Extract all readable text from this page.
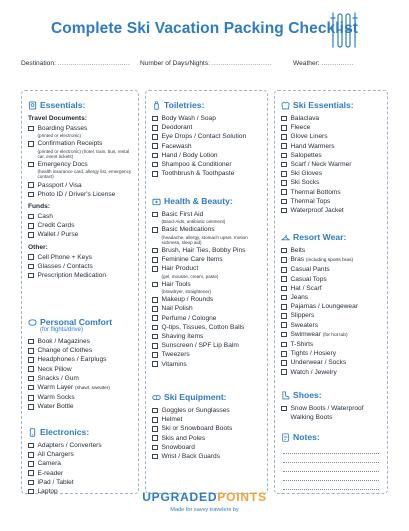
Complete Ski Vacation Packing Checklist
Destination: .................................. Number of Days/Nights: ............................	Weather: ...............
Essentials:
Travel Documents:
Boarding Passes
(printed or electronic)
Confirmation Receipts
(printed or electronic) (hotel, train, bus, rental car, event tickets)
Emergency Docs
(health insurance card, allergy list, emergency contact)
Passport / Visa
Photo ID / Driver's License
Funds:
Cash
Credit Cards
Wallet / Purse
Other:
Cell Phone + Keys
Glasses / Contacts
Prescription Medication
Personal Comfort
(for flights/drive)
Book / Magazines
Change of Clothes
Headphones / Earplugs
Neck Pillow
Snacks / Gum
Warm Layer (shawl, sweater)
Warm Socks
Water Bottle
Electronics:
Adapters / Converters
All Chargers
Camera
E-reader
iPad / Tablet
Laptop
Toiletries:
Body Wash / Soap
Deodorant
Eye Drops / Contact Solution
Facewash
Hand / Body Lotion
Shampoo & Conditioner
Toothbrush & Toothpaste
Health & Beauty:
Basic First Aid
(Band-Aids, antibiotic ointment)
Basic Medications
(headache, allergy, stomach upset, motion sickness, sleep aid)
Brush, Hair Ties, Bobby Pins
Feminine Care Items
Hair Product
(gel, mousse, cream, paste)
Hair Tools
(blowdryer, straightener)
Makeup / Rounds
Nail Polish
Perfume / Cologne
Q-tips, Tissues, Cotton Balls
Shaving Items
Sunscreen / SPF Lip Balm
Tweezers
Vitamins
Ski Equipment:
Goggles or Sunglasses
Helmet
Ski or Snowboard Boots
Skis and Poles
Snowboard
Wrist / Back Guards
Ski Essentials:
Balaclava
Fleece
Glove Liners
Hand Warmers
Salopettes
Scarf / Neck Warmer
Ski Gloves
Ski Socks
Thermal Bottoms
Thermal Tops
Waterproof Jacket
Resort Wear:
Belts
Bras (including sports bras)
Casual Pants
Casual Tops
Hat / Scarf
Jeans
Pajamas / Loungewear
Slippers
Sweaters
Swimwear (for hot tub)
T-Shirts
Tights / Hosiery
Underwear / Socks
Watch / Jewelry
Shoes:
Snow Boots / Waterproof Walking Boots
Notes:
UPGRADEDPOINTS
Made for savvy travelers by
